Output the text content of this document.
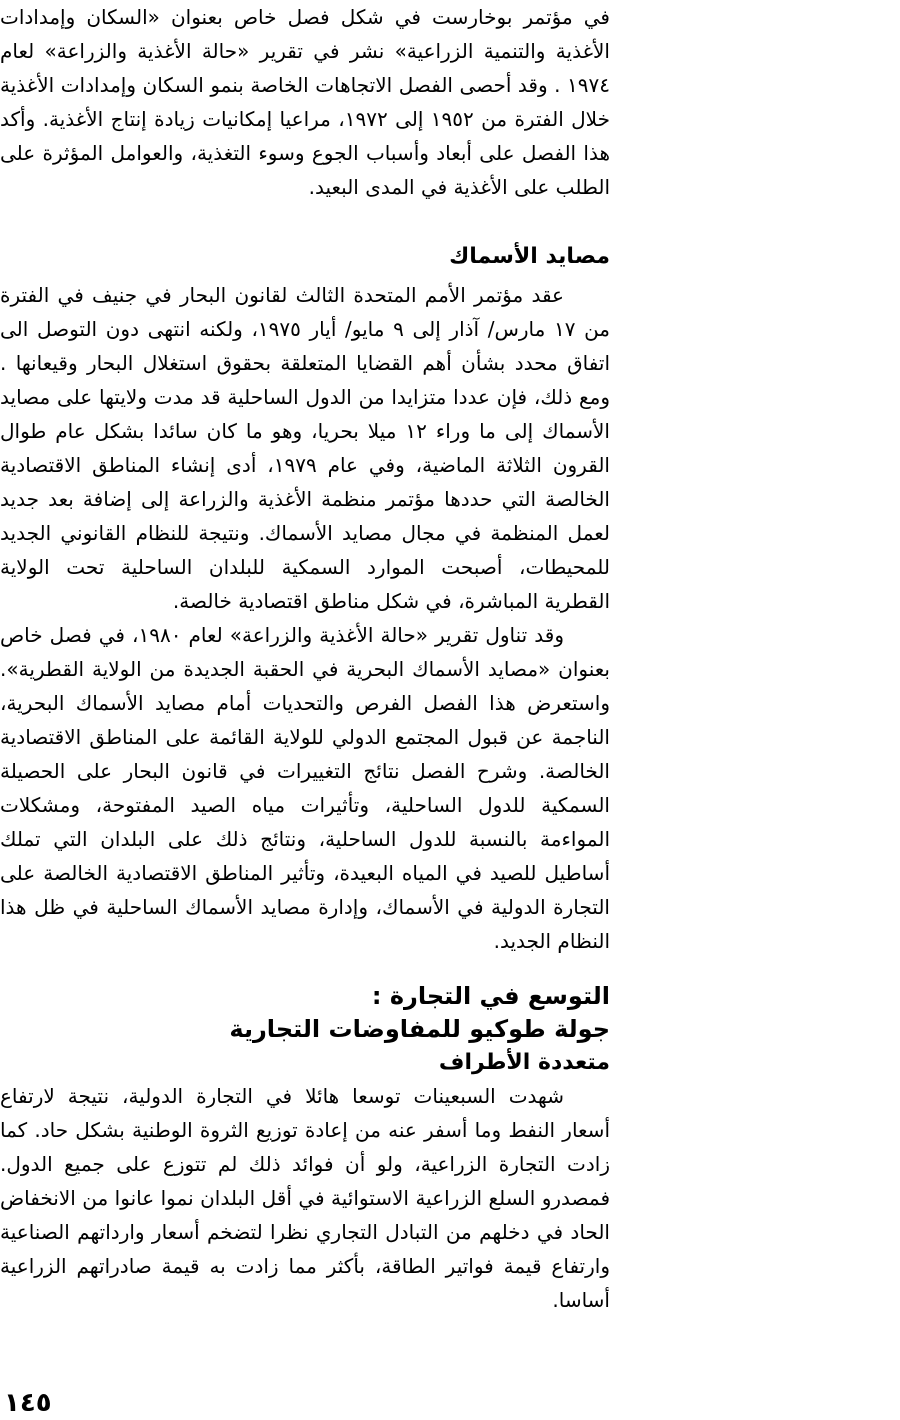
في مؤتمر بوخارست في شكل فصل خاص بعنوان «السكان وإمدادات الأغذية والتنمية الزراعية» نشر في تقرير «حالة الأغذية والزراعة» لعام ١٩٧٤ . وقد أحصى الفصل الاتجاهات الخاصة بنمو السكان وإمدادات الأغذية خلال الفترة من ١٩٥٢ إلى ١٩٧٢، مراعيا إمكانيات زيادة إنتاج الأغذية. وأكد هذا الفصل على أبعاد وأسباب الجوع وسوء التغذية، والعوامل المؤثرة على الطلب على الأغذية في المدى البعيد.

مصايد الأسماك

عقد مؤتمر الأمم المتحدة الثالث لقانون البحار في جنيف في الفترة من ١٧ مارس/ آذار إلى ٩ مايو/ أيار ١٩٧٥، ولكنه انتهى دون التوصل الى اتفاق محدد بشأن أهم القضايا المتعلقة بحقوق استغلال البحار وقيعانها . ومع ذلك، فإن عددا متزايدا من الدول الساحلية قد مدت ولايتها على مصايد الأسماك إلى ما وراء ١٢ ميلا بحريا، وهو ما كان سائدا بشكل عام طوال القرون الثلاثة الماضية، وفي عام ١٩٧٩، أدى إنشاء المناطق الاقتصادية الخالصة التي حددها مؤتمر منظمة الأغذية والزراعة إلى إضافة بعد جديد لعمل المنظمة في مجال مصايد الأسماك. ونتيجة للنظام القانوني الجديد للمحيطات، أصبحت الموارد السمكية للبلدان الساحلية تحت الولاية القطرية المباشرة، في شكل مناطق اقتصادية خالصة.

وقد تناول تقرير «حالة الأغذية والزراعة» لعام ١٩٨٠، في فصل خاص بعنوان «مصايد الأسماك البحرية في الحقبة الجديدة من الولاية القطرية». واستعرض هذا الفصل الفرص والتحديات أمام مصايد الأسماك البحرية، الناجمة عن قبول المجتمع الدولي للولاية القائمة على المناطق الاقتصادية الخالصة. وشرح الفصل نتائج التغييرات في قانون البحار على الحصيلة السمكية للدول الساحلية، وتأثيرات مياه الصيد المفتوحة، ومشكلات المواءمة بالنسبة للدول الساحلية، ونتائج ذلك على البلدان التي تملك أساطيل للصيد في المياه البعيدة، وتأثير المناطق الاقتصادية الخالصة على التجارة الدولية في الأسماك، وإدارة مصايد الأسماك الساحلية في ظل هذا النظام الجديد.

التوسع في التجارة :
جولة طوكيو للمفاوضات التجارية
متعددة الأطراف

شهدت السبعينات توسعا هائلا في التجارة الدولية، نتيجة لارتفاع أسعار النفط وما أسفر عنه من إعادة توزيع الثروة الوطنية بشكل حاد. كما زادت التجارة الزراعية، ولو أن فوائد ذلك لم تتوزع على جميع الدول. فمصدرو السلع الزراعية الاستوائية في أقل البلدان نموا عانوا من الانخفاض الحاد في دخلهم من التبادل التجاري نظرا لتضخم أسعار وارداتهم الصناعية وارتفاع قيمة فواتير الطاقة، بأكثر مما زادت به قيمة صادراتهم الزراعية أساسا.

١٤٥
